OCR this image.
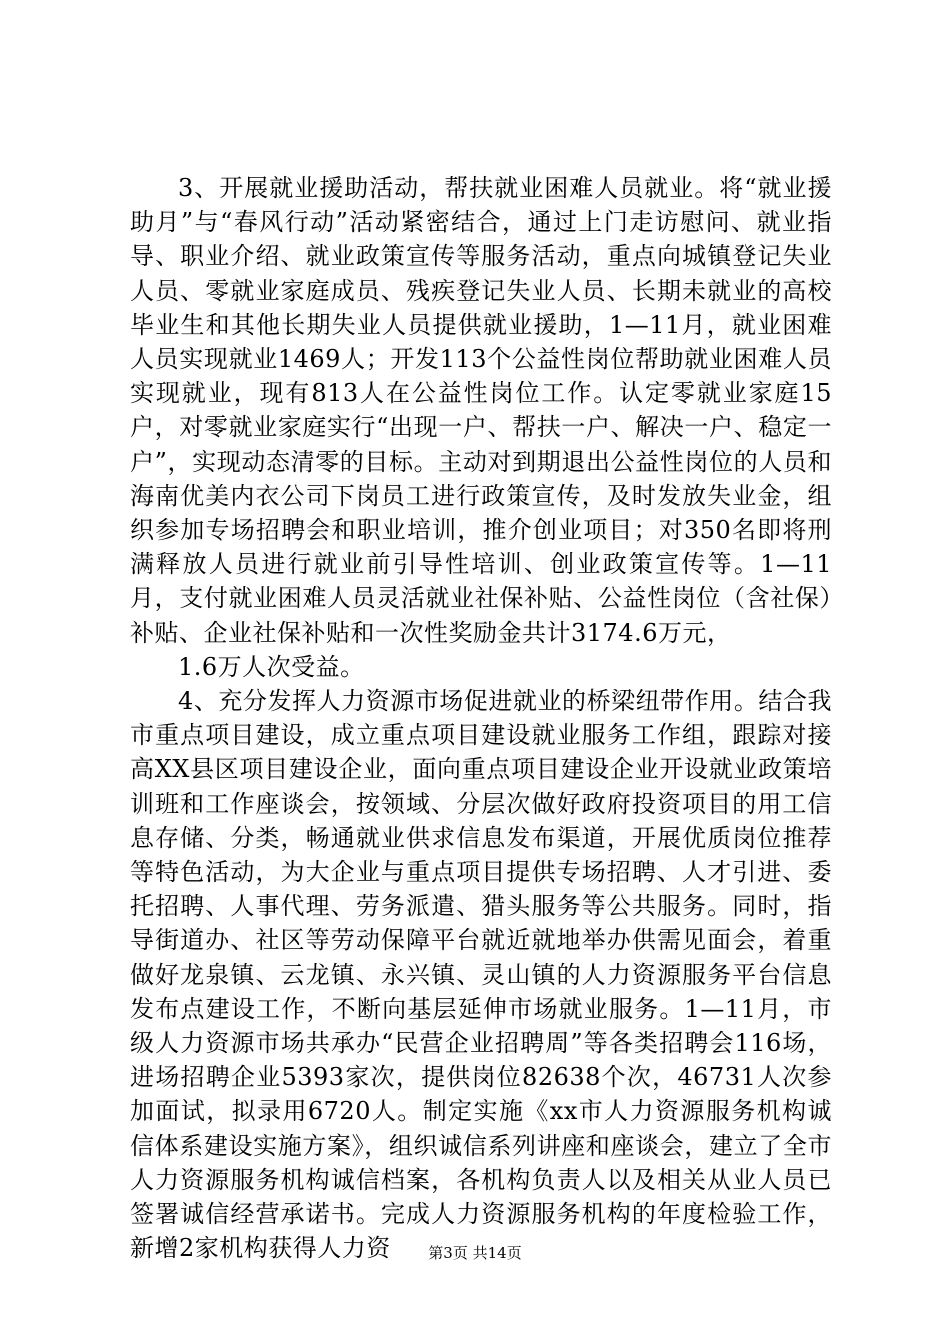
3、开展就业援助活动，帮扶就业困难人员就业。将“就业援助月”与“春风行动”活动紧密结合，通过上门走访慰问、就业指导、职业介绍、就业政策宣传等服务活动，重点向城镇登记失业人员、零就业家庭成员、残疾登记失业人员、长期未就业的高校毕业生和其他长期失业人员提供就业援助，1—11月，就业困难人员实现就业1469人；开发113个公益性岗位帮助就业困难人员实现就业，现有813人在公益性岗位工作。认定零就业家庭15户，对零就业家庭实行“出现一户、帮扶一户、解决一户、稳定一户”，实现动态清零的目标。主动对到期退出公益性岗位的人员和海南优美内衣公司下岗员工进行政策宣传，及时发放失业金，组织参加专场招聘会和职业培训，推介创业项目；对350名即将刑满释放人员进行就业前引导性培训、创业政策宣传等。1—11月，支付就业困难人员灵活就业社保补贴、公益性岗位（含社保）补贴、企业社保补贴和一次性奖励金共计3174.6万元，

1.6万人次受益。

4、充分发挥人力资源市场促进就业的桥梁纽带作用。结合我市重点项目建设，成立重点项目建设就业服务工作组，跟踪对接高XX县区项目建设企业，面向重点项目建设企业开设就业政策培训班和工作座谈会，按领域、分层次做好政府投资项目的用工信息存储、分类，畅通就业供求信息发布渠道，开展优质岗位推荐等特色活动，为大企业与重点项目提供专场招聘、人才引进、委托招聘、人事代理、劳务派遣、猎头服务等公共服务。同时，指导街道办、社区等劳动保障平台就近就地举办供需见面会，着重做好龙泉镇、云龙镇、永兴镇、灵山镇的人力资源服务平台信息发布点建设工作，不断向基层延伸市场就业服务。1—11月，市级人力资源市场共承办“民营企业招聘周”等各类招聘会116场，进场招聘企业5393家次，提供岗位82638个次，46731人次参加面试，拟录用6720人。制定实施《xx市人力资源服务机构诚信体系建设实施方案》，组织诚信系列讲座和座谈会，建立了全市人力资源服务机构诚信档案，各机构负责人以及相关从业人员已签署诚信经营承诺书。完成人力资源服务机构的年度检验工作，新增2家机构获得人力资	第3页 共14页
